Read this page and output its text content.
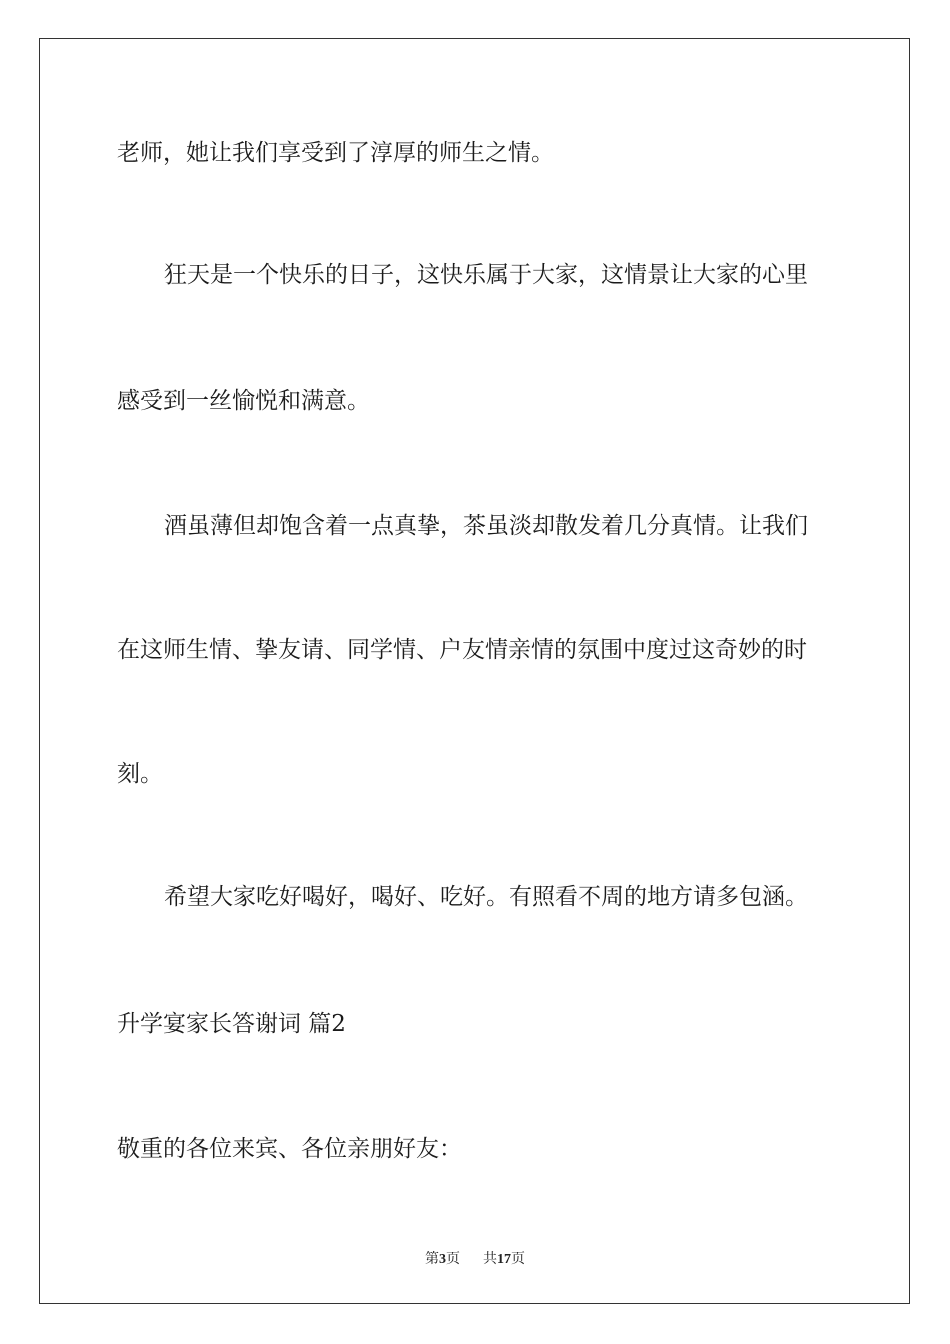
老师，她让我们享受到了淳厚的师生之情。
狂天是一个快乐的日子，这快乐属于大家，这情景让大家的心里
感受到一丝愉悦和满意。
酒虽薄但却饱含着一点真挚，茶虽淡却散发着几分真情。让我们
在这师生情、挚友请、同学情、户友情亲情的氛围中度过这奇妙的时
刻。
希望大家吃好喝好，喝好、吃好。有照看不周的地方请多包涵。
升学宴家长答谢词 篇2
敬重的各位来宾、各位亲朋好友：
第3页 共17页
